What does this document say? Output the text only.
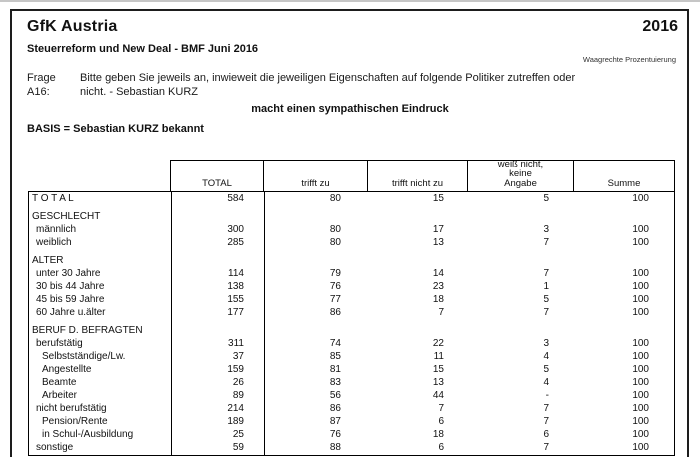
GfK Austria	2016
Steuerreform und New Deal - BMF Juni 2016
Waagrechte Prozentuierung
Frage A16:
Bitte geben Sie jeweils an, inwieweit die jeweiligen Eigenschaften auf folgende Politiker zutreffen oder
nicht. - Sebastian KURZ
macht einen sympathischen Eindruck
BASIS = Sebastian KURZ bekannt
TOTAL	trifft zu	trifft nicht zu
weiß nicht,
keine
Angabe	Summe
T O T A L	584	80	15	5	100
GESCHLECHT
männlich	300	80	17	3	100
weiblich	285	80	13	7	100
ALTER
unter 30 Jahre	114	79	14	7	100
30 bis 44 Jahre	138	76	23	1	100
45 bis 59 Jahre	155	77	18	5	100
60 Jahre u.älter	177	86	7	7	100
BERUF D. BEFRAGTEN
berufstätig	311	74	22	3	100
Selbstständige/Lw.	37	85	11	4	100
Angestellte	159	81	15	5	100
Beamte	26	83	13	4	100
Arbeiter	89	56	44	-	100
nicht berufstätig	214	86	7	7	100
Pension/Rente	189	87	6	7	100
in Schul-/Ausbildung	25	76	18	6	100
sonstige	59	88	6	7	100
